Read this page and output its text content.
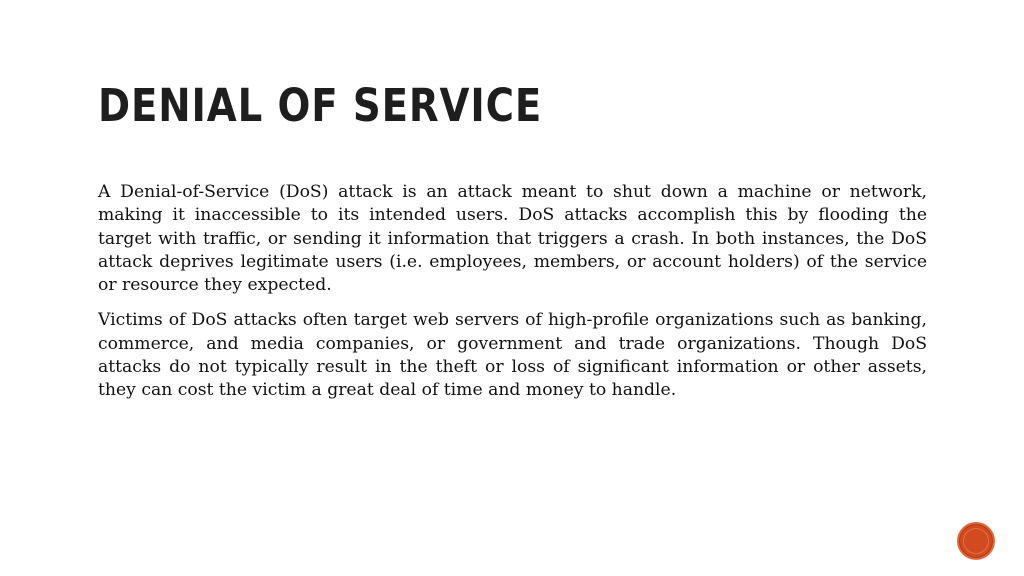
DENIAL OF SERVICE

A Denial-of-Service (DoS) attack is an attack meant to shut down a machine or network, making it inaccessible to its intended users. DoS attacks accomplish this by flooding the target with traffic, or sending it information that triggers a crash. In both instances, the DoS attack deprives legitimate users (i.e. employees, members, or account holders) of the service or resource they expected.

Victims of DoS attacks often target web servers of high-profile organizations such as banking, commerce, and media companies, or government and trade organizations. Though DoS attacks do not typically result in the theft or loss of significant information or other assets, they can cost the victim a great deal of time and money to handle.
